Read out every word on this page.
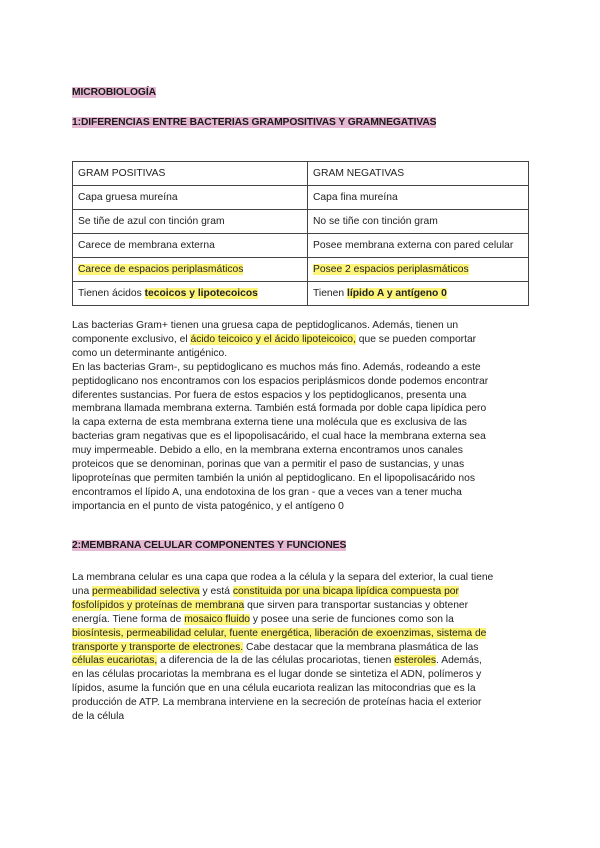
MICROBIOLOGÍA
1:DIFERENCIAS ENTRE BACTERIAS GRAMPOSITIVAS Y GRAMNEGATIVAS
GRAM POSITIVAS	GRAM NEGATIVAS
Capa gruesa mureína	Capa fina mureína
Se tiñe de azul con tinción gram	No se tiñe con tinción gram
Carece de membrana externa	Posee membrana externa con pared celular
Carece de espacios periplasmáticos	Posee 2 espacios periplasmáticos
Tienen ácidos tecoicos y lipotecoicos	Tienen lípido A y antígeno 0
Las bacterias Gram+ tienen una gruesa capa de peptidoglicanos. Además, tienen un
componente exclusivo, el ácido teicoico y el ácido lipoteicoico, que se pueden comportar
como un determinante antigénico.
En las bacterias Gram-, su peptidoglicano es muchos más fino. Además, rodeando a este
peptidoglicano nos encontramos con los espacios periplásmicos donde podemos encontrar
diferentes sustancias. Por fuera de estos espacios y los peptidoglicanos, presenta una
membrana llamada membrana externa. También está formada por doble capa lipídica pero
la capa externa de esta membrana externa tiene una molécula que es exclusiva de las
bacterias gram negativas que es el lipopolisacárido, el cual hace la membrana externa sea
muy impermeable. Debido a ello, en la membrana externa encontramos unos canales
proteicos que se denominan, porinas que van a permitir el paso de sustancias, y unas
lipoproteínas que permiten también la unión al peptidoglicano. En el lipopolisacárido nos
encontramos el lípido A, una endotoxina de los gran - que a veces van a tener mucha
importancia en el punto de vista patogénico, y el antígeno 0
2:MEMBRANA CELULAR COMPONENTES Y FUNCIONES
La membrana celular es una capa que rodea a la célula y la separa del exterior, la cual tiene
una permeabilidad selectiva y está constituida por una bicapa lipídica compuesta por
fosfolípidos y proteínas de membrana que sirven para transportar sustancias y obtener
energía. Tiene forma de mosaico fluido y posee una serie de funciones como son la
biosíntesis, permeabilidad celular, fuente energética, liberación de exoenzimas, sistema de
transporte y transporte de electrones. Cabe destacar que la membrana plasmática de las
células eucariotas, a diferencia de la de las células procariotas, tienen esteroles. Además,
en las células procariotas la membrana es el lugar donde se sintetiza el ADN, polímeros y
lípidos, asume la función que en una célula eucariota realizan las mitocondrias que es la
producción de ATP. La membrana interviene en la secreción de proteínas hacia el exterior
de la célula
